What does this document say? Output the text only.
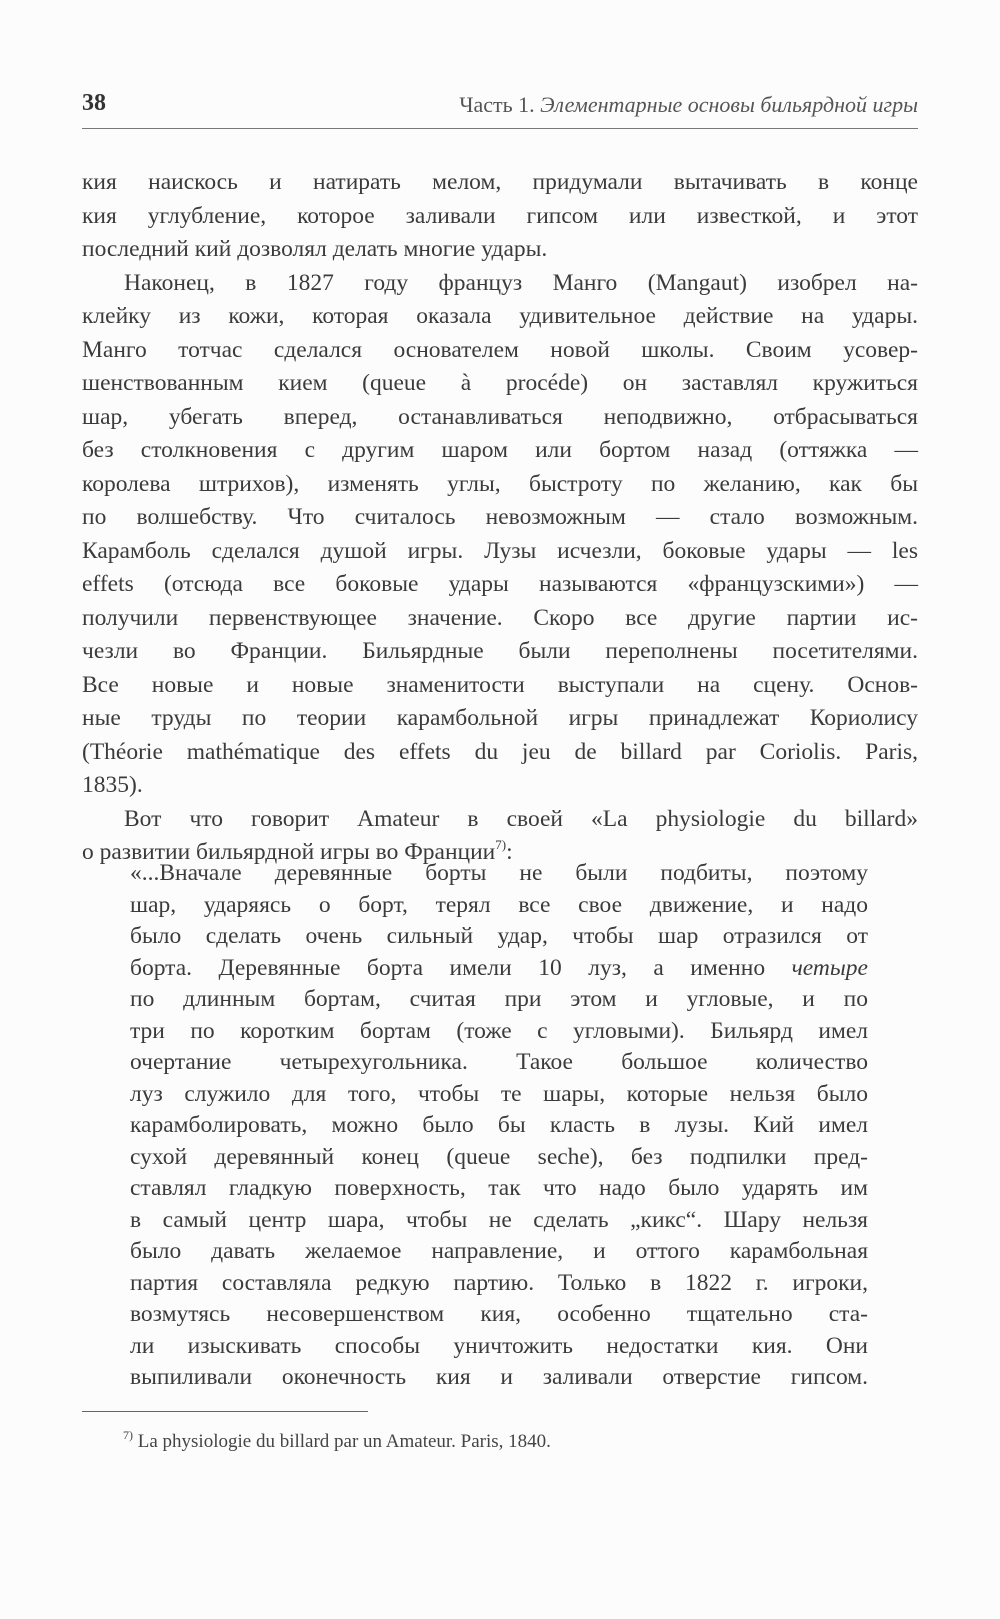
38	Часть 1. Элементарные основы бильярдной игры
кия наискось и натирать мелом, придумали вытачивать в конце
кия углубление, которое заливали гипсом или известкой, и этот
последний кий дозволял делать многие удары.
Наконец, в 1827 году француз Манго (Mangaut) изобрел на-
клейку из кожи, которая оказала удивительное действие на удары.
Манго тотчас сделался основателем новой школы. Своим усовер-
шенствованным кием (queue à procéde) он заставлял кружиться
шар, убегать вперед, останавливаться неподвижно, отбрасываться
без столкновения с другим шаром или бортом назад (оттяжка —
королева штрихов), изменять углы, быстроту по желанию, как бы
по волшебству. Что считалось невозможным — стало возможным.
Карамболь сделался душой игры. Лузы исчезли, боковые удары — les
effets (отсюда все боковые удары называются «французскими») —
получили первенствующее значение. Скоро все другие партии ис-
чезли во Франции. Бильярдные были переполнены посетителями.
Все новые и новые знаменитости выступали на сцену. Основ-
ные труды по теории карамбольной игры принадлежат Кориолису
(Théorie mathématique des effets du jeu de billard par Coriolis. Paris,
1835).
Вот что говорит Amateur в своей «La physiologie du billard»
о развитии бильярдной игры во Франции$^{7)}$:
«...Вначале деревянные борты не были подбиты, поэтому
шар, ударяясь о борт, терял все свое движение, и надо
было сделать очень сильный удар, чтобы шар отразился от
борта. Деревянные борта имели 10 луз, а именно четыре
по длинным бортам, считая при этом и угловые, и по
три по коротким бортам (тоже с угловыми). Бильярд имел
очертание четырехугольника. Такое большое количество
луз служило для того, чтобы те шары, которые нельзя было
карамболировать, можно было бы класть в лузы. Кий имел
сухой деревянный конец (queue seche), без подпилки пред-
ставлял гладкую поверхность, так что надо было ударять им
в самый центр шара, чтобы не сделать „кикс“. Шару нельзя
было давать желаемое направление, и оттого карамбольная
партия составляла редкую партию. Только в 1822 г. игроки,
возмутясь несовершенством кия, особенно тщательно ста-
ли изыскивать способы уничтожить недостатки кия. Они
выпиливали оконечность кия и заливали отверстие гипсом.
$^{7)}$ La physiologie du billard par un Amateur. Paris, 1840.
